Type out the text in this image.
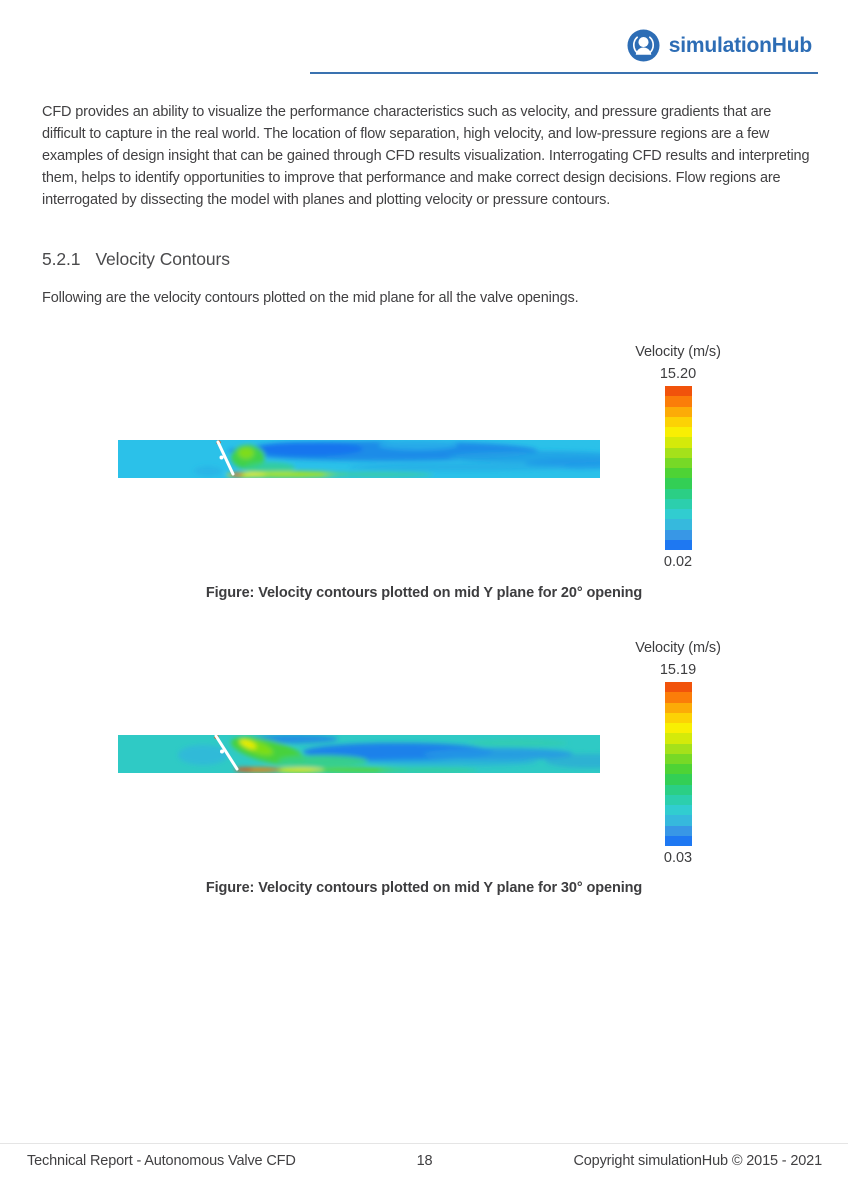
simulationHub

CFD provides an ability to visualize the performance characteristics such as velocity, and pressure gradients that are difficult to capture in the real world. The location of flow separation, high velocity, and low-pressure regions are a few examples of design insight that can be gained through CFD results visualization. Interrogating CFD results and interpreting them, helps to identify opportunities to improve that performance and make correct design decisions. Flow regions are interrogated by dissecting the model with planes and plotting velocity or pressure contours.

5.2.1 Velocity Contours

Following are the velocity contours plotted on the mid plane for all the valve openings.

Velocity (m/s)
15.20
0.02
Figure: Velocity contours plotted on mid Y plane for 20° opening
Velocity (m/s)
15.19
0.03
Figure: Velocity contours plotted on mid Y plane for 30° opening
Technical Report - Autonomous Valve CFD	18	Copyright simulationHub © 2015 - 2021
